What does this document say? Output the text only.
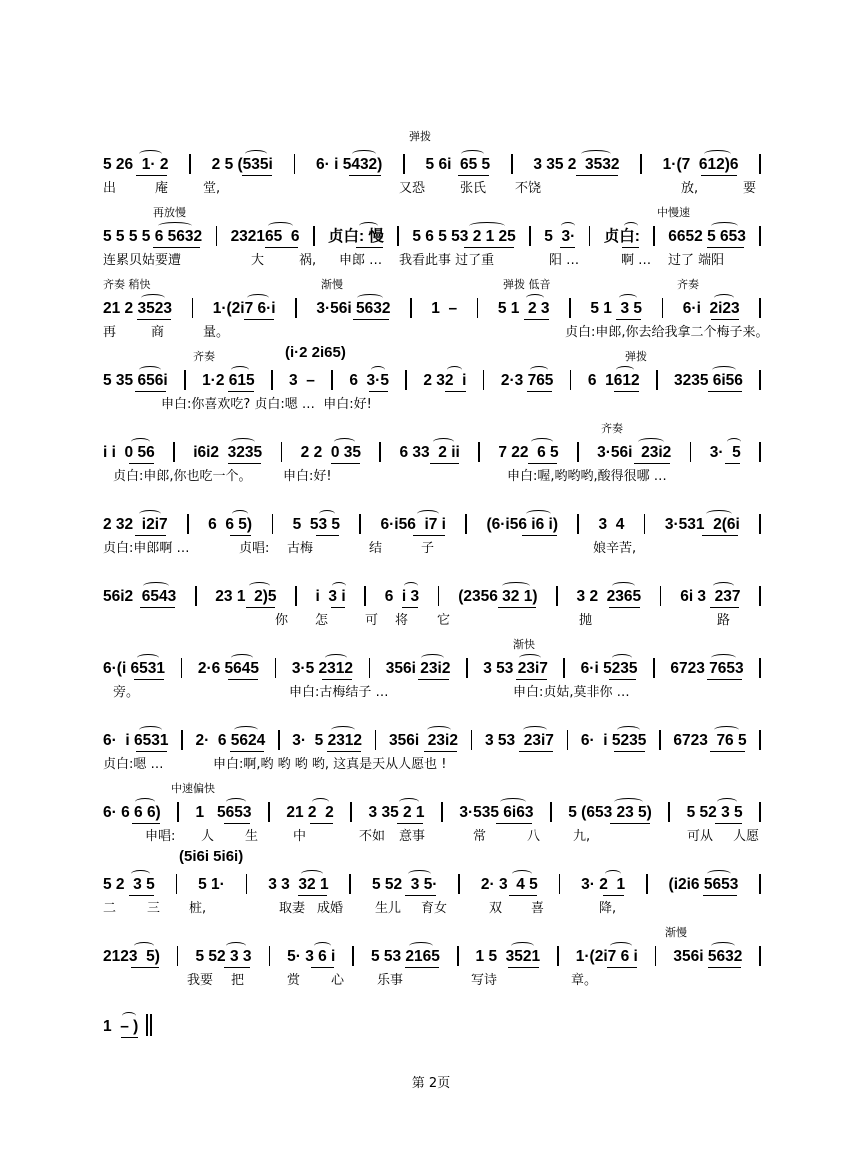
5 26  1· 2	2 5 (535i	6· i 5432)	5 6i  65 5	3 35 2  3532	1·(7  612)6
弹拨
出	庵	堂,	又恐	张氏 不饶	放,	要
5 5 5 5 6 5632 232165  6 贞白: 慢 5 6 5 53 2 1 25 5  3· 贞白: 6652 5 653
再放慢	中慢速
连累贝姑要遭	大	祸, 申郎 … 我看此事 过了重	阳 …	啊 … 过了 端阳
21 2 3523	1·(2i7 6·i	3·56i 5632	1  –	5 1  2 3	5 1  3 5	6·i  2i23
齐奏 稍快	渐慢	弹拨 低音	齐奏
再	商	量。	贞白:申郎,你去给我拿二个梅子来。
5 35 656i 1·2 615 3  – 6  3·5 2 32  i 2·3 765 6  1612 3235 6i56
齐奏	(i·2 2i65)	弹拨
申白:你喜欢吃? 贞白:嗯 …  申白:好!
i i  0 56 i6i2  3235 2 2  0 35 6 33  2 ii 7 22  6 5 3·56i  23i2 3·  5
齐奏
贞白:申郎,你也吃一个。 申白:好!	申白:喔,哟哟哟,酸得很哪 …
2 32  i2i7	6  6 5)	5  53 5	6·i56  i7 i	(6·i56 i6 i)	3  4	3·531  2(6i
贞白:申郎啊 …	贞唱: 古梅	结	子	娘辛苦,
56i2  6543	23 1  2)5	i  3 i	6  i 3	(2356 32 1)	3 2  2365	6i 3  237
你 怎	可 将 它	抛	路
6·(i 6531 2·6 5645 3·5 2312 356i 23i2 3 53 23i7 6·i 5235 6723 7653
渐快
旁。	申白:古梅结子 …	申白:贞姑,莫非你 …
6·  i 6531 2·  6 5624 3·  5 2312 356i  23i2 3 53  23i7 6·  i 5235 6723  76 5
贞白:嗯 …	申白:啊,哟 哟 哟 哟, 这真是天从人愿也 !
6· 6 6 6) 1   5653 21 2  2 3 35 2 1 3·535 6i63 5 (653 23 5) 5 52 3 5
中速偏快
申唱: 人 生	中	不如 意事	常	八	九,	可从 人愿
5 2  3 5	5 1·	3 3  32 1	5 52  3 5·	2· 3  4 5	3· 2  1	(i2i6 5653
(5i6i 5i6i)
二 三 桩,	取妻 成婚 生儿 育女	双 喜	降,
2123  5) 5 52 3 3 5· 3 6 i 5 53 2165 1 5  3521 1·(2i7 6 i 356i 5632
渐慢
我要 把	赏 心	乐事	写诗	章。
1  – )
第 2页
